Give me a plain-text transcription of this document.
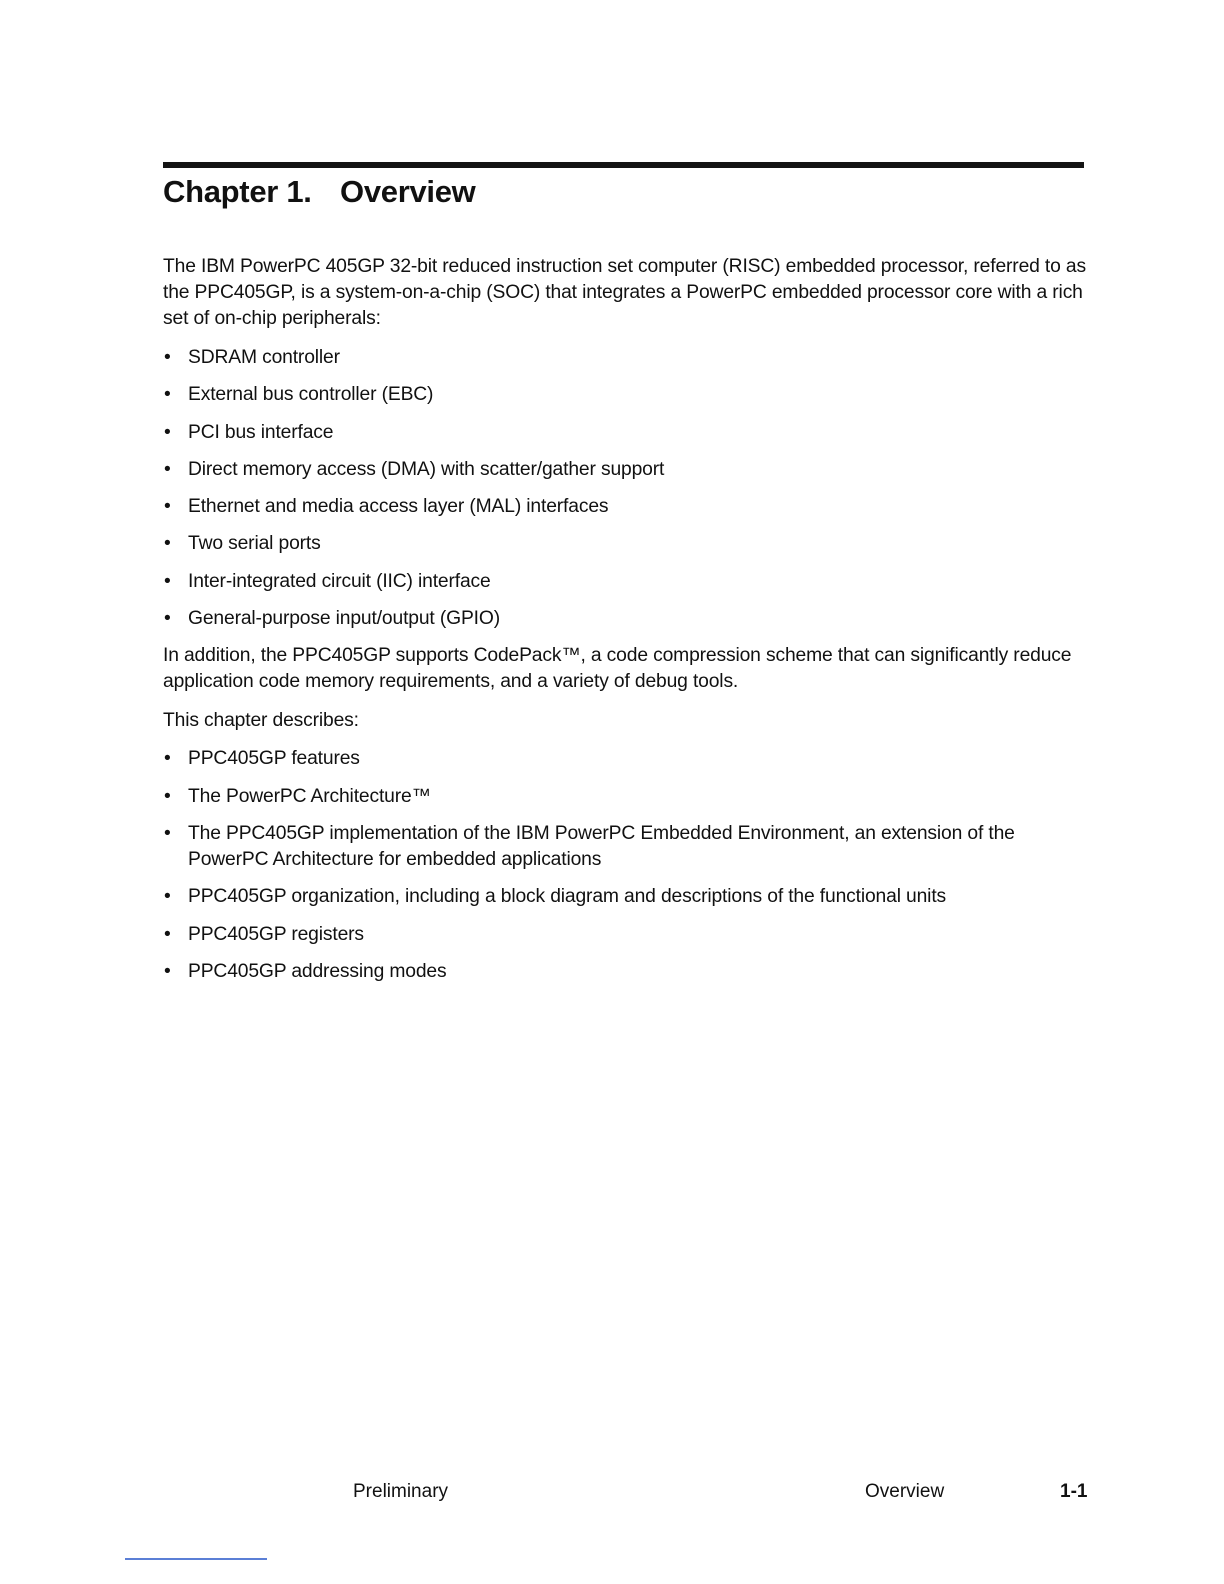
Chapter 1. Overview

The IBM PowerPC 405GP 32-bit reduced instruction set computer (RISC) embedded processor, referred to as the PPC405GP, is a system-on-a-chip (SOC) that integrates a PowerPC embedded processor core with a rich set of on-chip peripherals:

• SDRAM controller
• External bus controller (EBC)
• PCI bus interface
• Direct memory access (DMA) with scatter/gather support
• Ethernet and media access layer (MAL) interfaces
• Two serial ports
• Inter-integrated circuit (IIC) interface
• General-purpose input/output (GPIO)

In addition, the PPC405GP supports CodePack™, a code compression scheme that can significantly reduce application code memory requirements, and a variety of debug tools.

This chapter describes:

• PPC405GP features
• The PowerPC Architecture™
• The PPC405GP implementation of the IBM PowerPC Embedded Environment, an extension of the PowerPC Architecture for embedded applications
• PPC405GP organization, including a block diagram and descriptions of the functional units
• PPC405GP registers
• PPC405GP addressing modes
Preliminary	Overview	1-1
